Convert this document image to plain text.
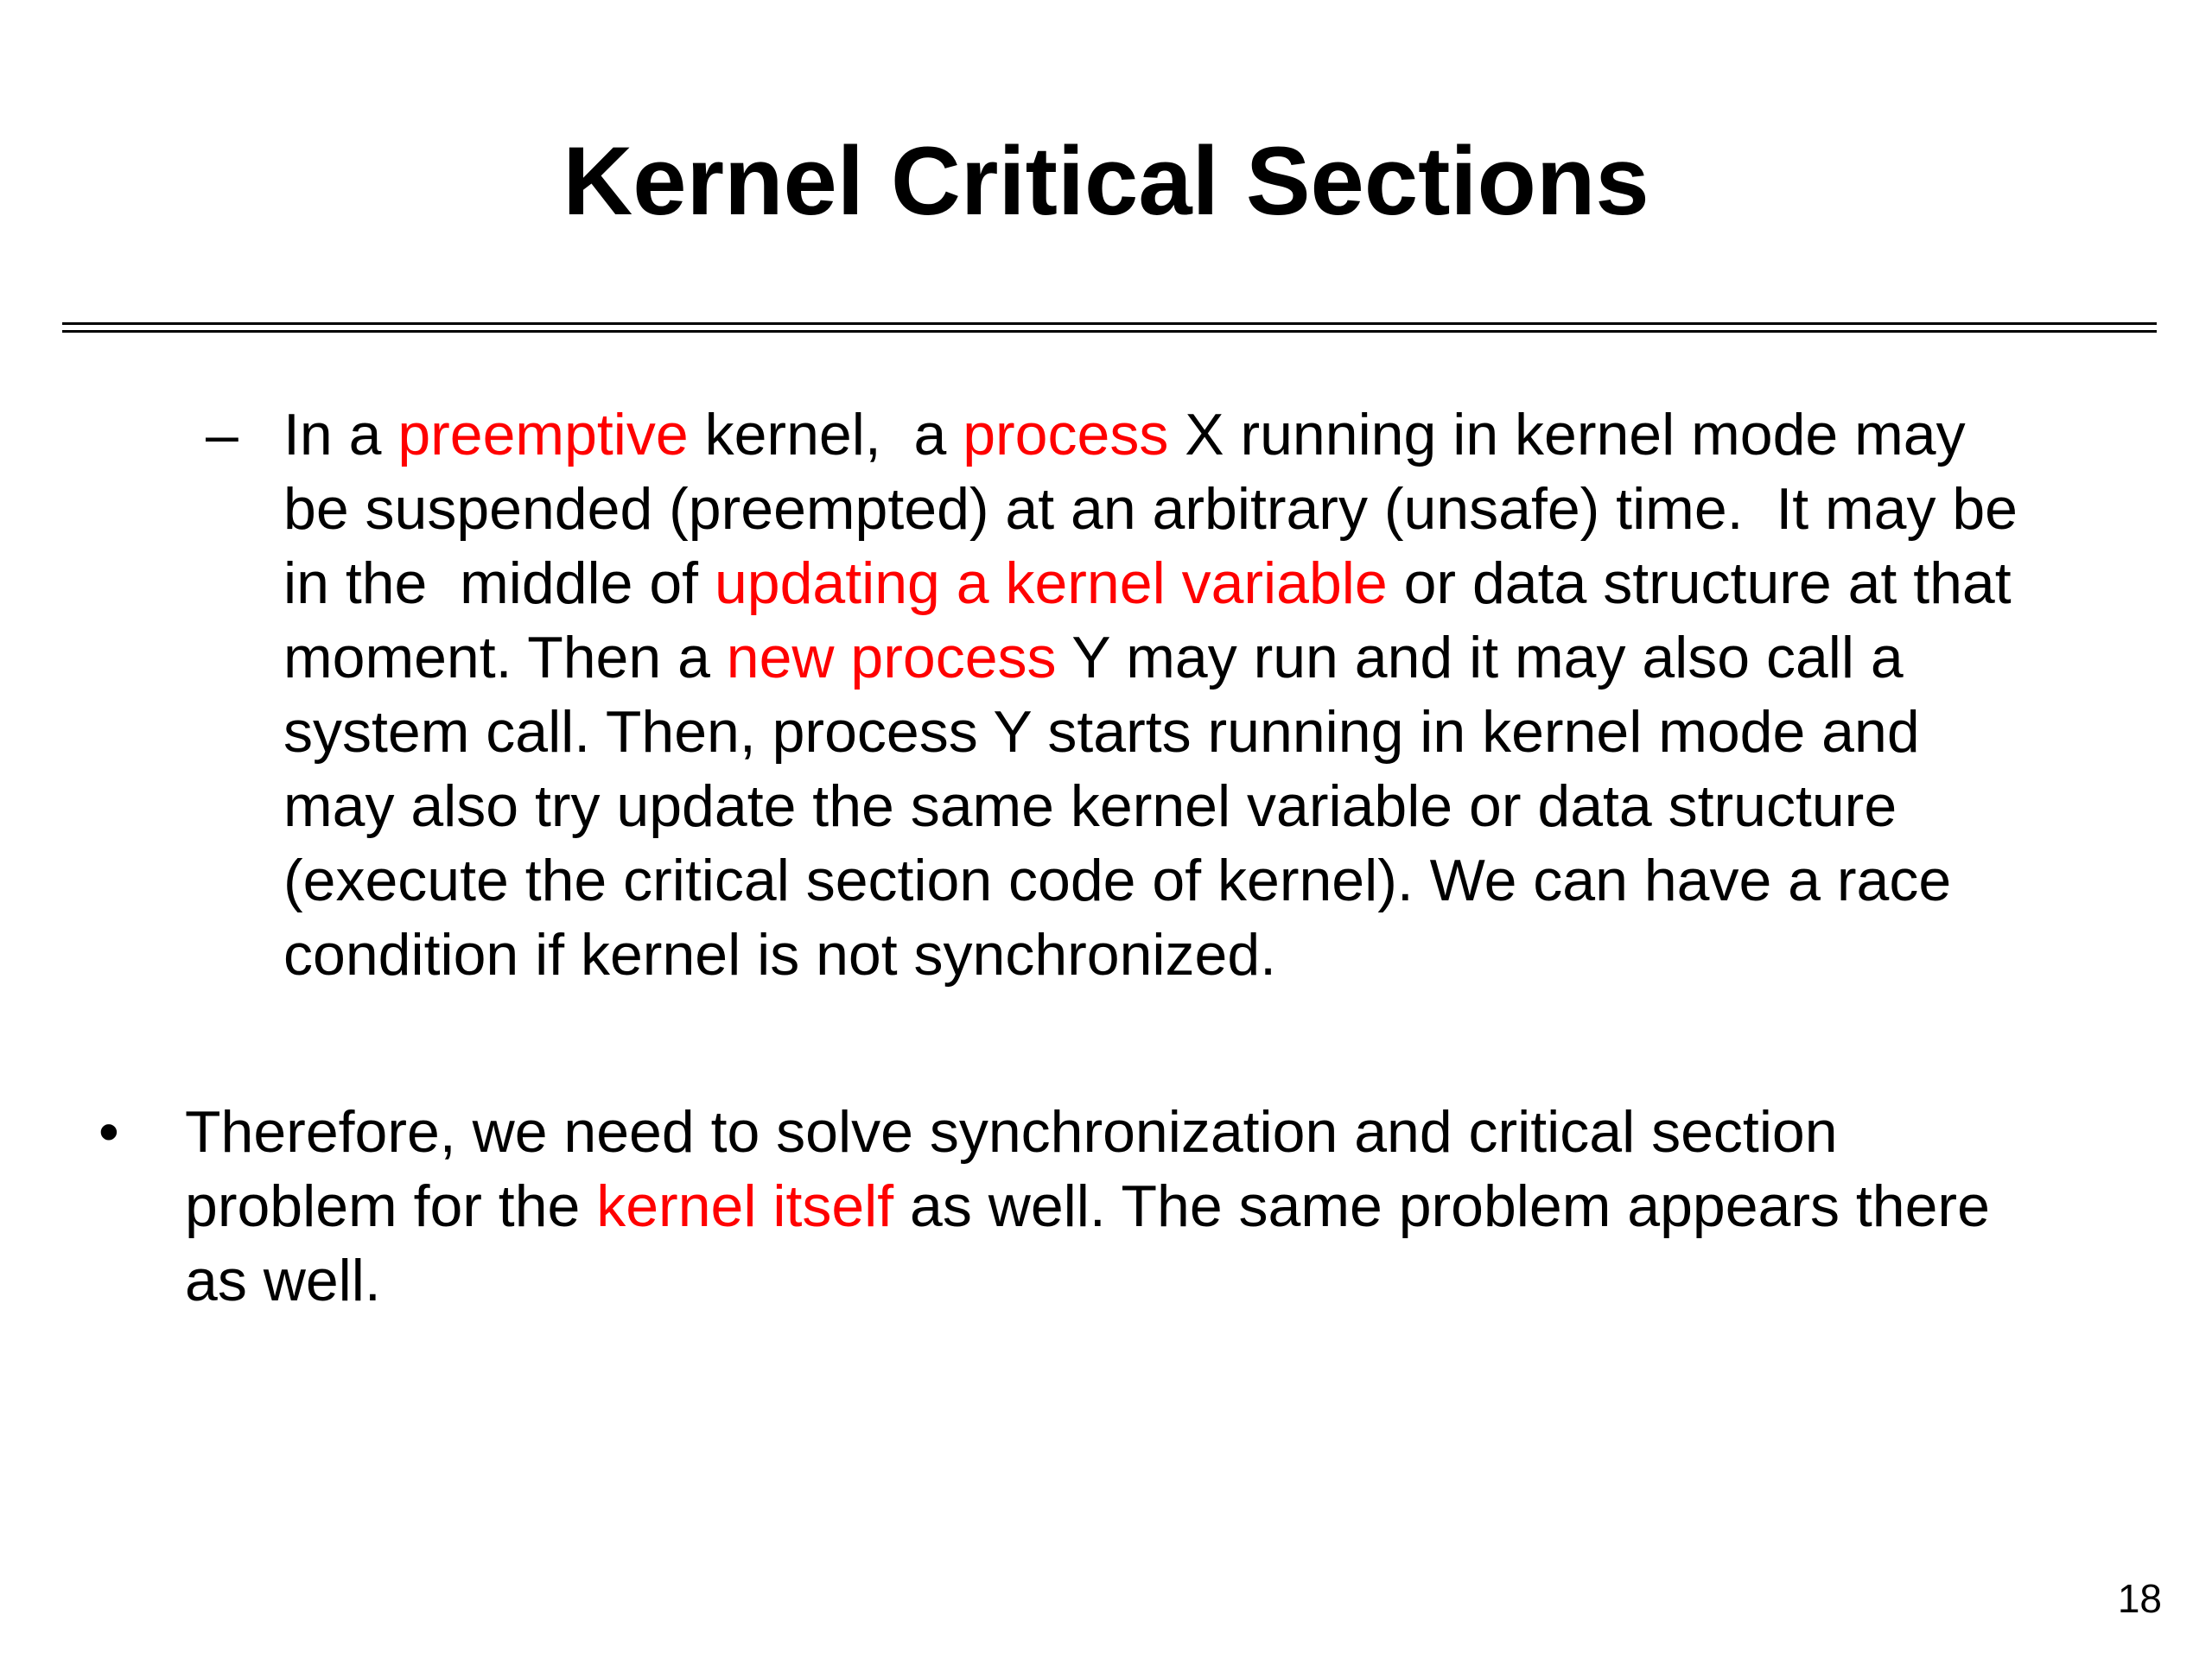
Kernel Critical Sections
– In a preemptive kernel,  a process X running in kernel mode may
be suspended (preempted) at an arbitrary (unsafe) time.  It may be
in the  middle of updating a kernel variable or data structure at that
moment. Then a new process Y may run and it may also call a
system call. Then, process Y starts running in kernel mode and
may also try update the same kernel variable or data structure
(execute the critical section code of kernel). We can have a race
condition if kernel is not synchronized.
• Therefore, we need to solve synchronization and critical section
problem for the kernel itself as well. The same problem appears there
as well.
18
